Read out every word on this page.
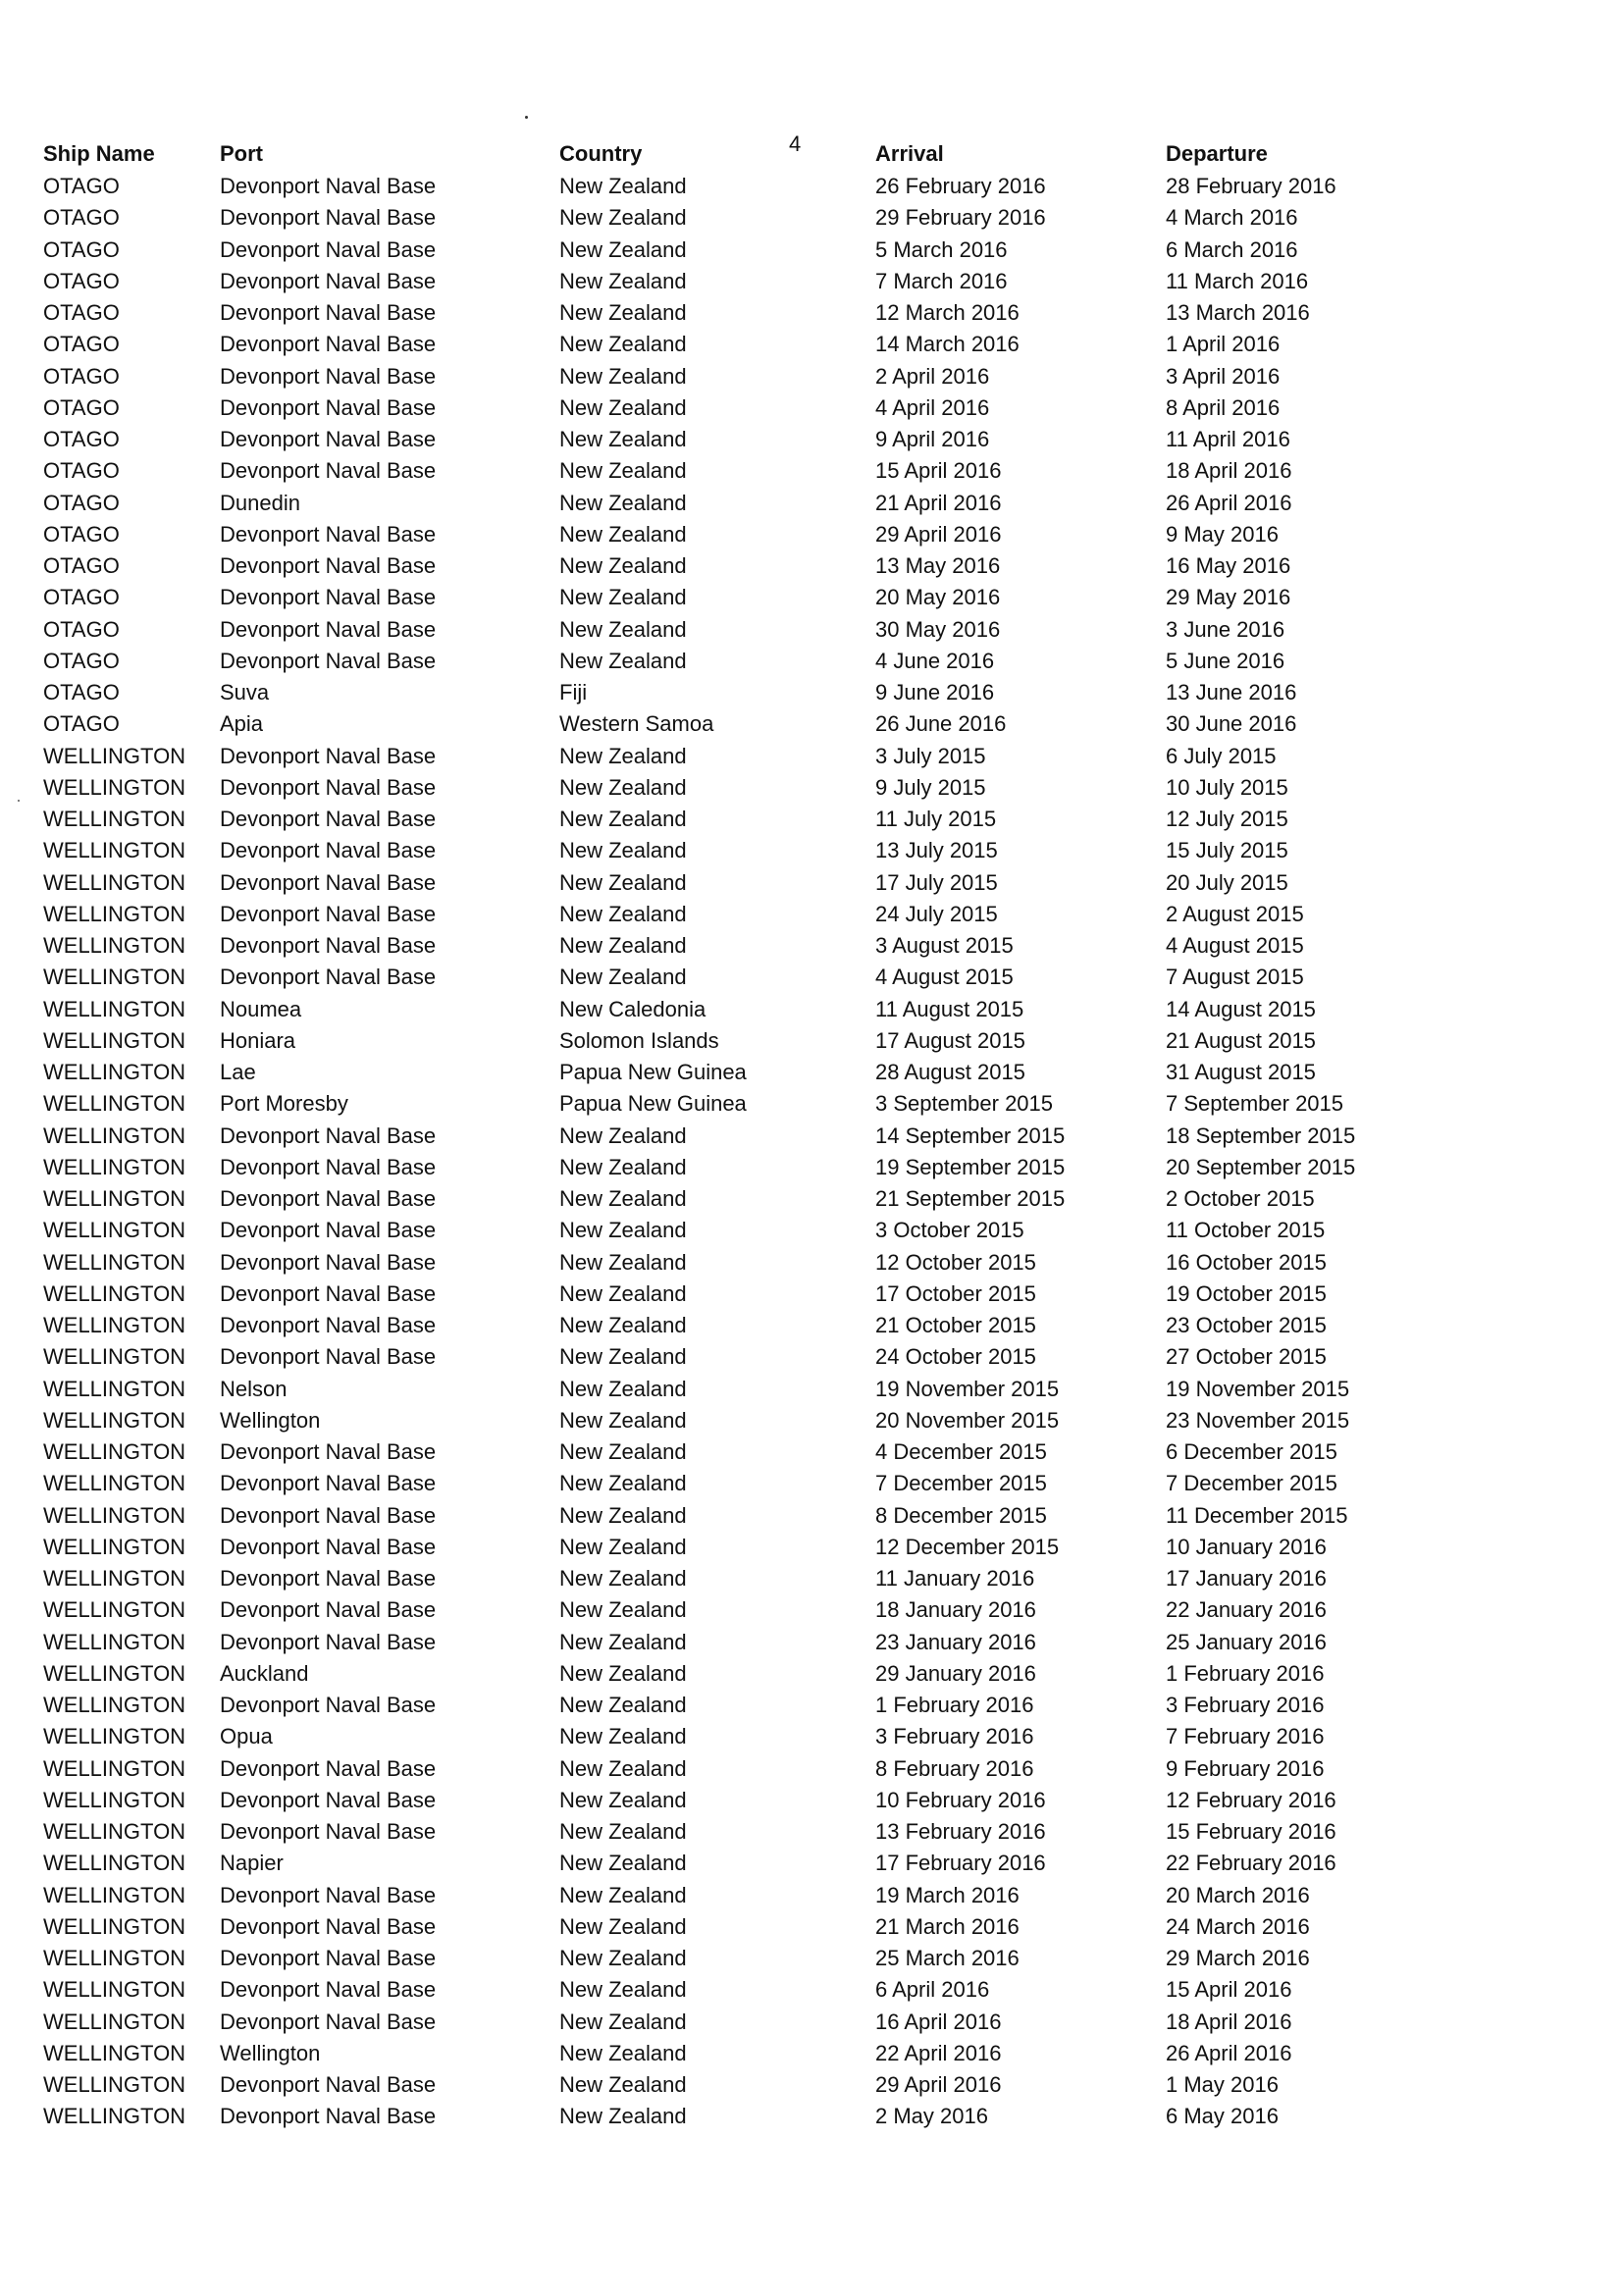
4
Ship Name	Port	Country	Arrival	Departure
OTAGO	Devonport Naval Base	New Zealand	26 February 2016	28 February 2016
OTAGO	Devonport Naval Base	New Zealand	29 February 2016	4 March 2016
OTAGO	Devonport Naval Base	New Zealand	5 March 2016	6 March 2016
OTAGO	Devonport Naval Base	New Zealand	7 March 2016	11 March 2016
OTAGO	Devonport Naval Base	New Zealand	12 March 2016	13 March 2016
OTAGO	Devonport Naval Base	New Zealand	14 March 2016	1 April 2016
OTAGO	Devonport Naval Base	New Zealand	2 April 2016	3 April 2016
OTAGO	Devonport Naval Base	New Zealand	4 April 2016	8 April 2016
OTAGO	Devonport Naval Base	New Zealand	9 April 2016	11 April 2016
OTAGO	Devonport Naval Base	New Zealand	15 April 2016	18 April 2016
OTAGO	Dunedin	New Zealand	21 April 2016	26 April 2016
OTAGO	Devonport Naval Base	New Zealand	29 April 2016	9 May 2016
OTAGO	Devonport Naval Base	New Zealand	13 May 2016	16 May 2016
OTAGO	Devonport Naval Base	New Zealand	20 May 2016	29 May 2016
OTAGO	Devonport Naval Base	New Zealand	30 May 2016	3 June 2016
OTAGO	Devonport Naval Base	New Zealand	4 June 2016	5 June 2016
OTAGO	Suva	Fiji	9 June 2016	13 June 2016
OTAGO	Apia	Western Samoa	26 June 2016	30 June 2016
WELLINGTON	Devonport Naval Base	New Zealand	3 July 2015	6 July 2015
WELLINGTON	Devonport Naval Base	New Zealand	9 July 2015	10 July 2015
WELLINGTON	Devonport Naval Base	New Zealand	11 July 2015	12 July 2015
WELLINGTON	Devonport Naval Base	New Zealand	13 July 2015	15 July 2015
WELLINGTON	Devonport Naval Base	New Zealand	17 July 2015	20 July 2015
WELLINGTON	Devonport Naval Base	New Zealand	24 July 2015	2 August 2015
WELLINGTON	Devonport Naval Base	New Zealand	3 August 2015	4 August 2015
WELLINGTON	Devonport Naval Base	New Zealand	4 August 2015	7 August 2015
WELLINGTON	Noumea	New Caledonia	11 August 2015	14 August 2015
WELLINGTON	Honiara	Solomon Islands	17 August 2015	21 August 2015
WELLINGTON	Lae	Papua New Guinea	28 August 2015	31 August 2015
WELLINGTON	Port Moresby	Papua New Guinea	3 September 2015	7 September 2015
WELLINGTON	Devonport Naval Base	New Zealand	14 September 2015	18 September 2015
WELLINGTON	Devonport Naval Base	New Zealand	19 September 2015	20 September 2015
WELLINGTON	Devonport Naval Base	New Zealand	21 September 2015	2 October 2015
WELLINGTON	Devonport Naval Base	New Zealand	3 October 2015	11 October 2015
WELLINGTON	Devonport Naval Base	New Zealand	12 October 2015	16 October 2015
WELLINGTON	Devonport Naval Base	New Zealand	17 October 2015	19 October 2015
WELLINGTON	Devonport Naval Base	New Zealand	21 October 2015	23 October 2015
WELLINGTON	Devonport Naval Base	New Zealand	24 October 2015	27 October 2015
WELLINGTON	Nelson	New Zealand	19 November 2015	19 November 2015
WELLINGTON	Wellington	New Zealand	20 November 2015	23 November 2015
WELLINGTON	Devonport Naval Base	New Zealand	4 December 2015	6 December 2015
WELLINGTON	Devonport Naval Base	New Zealand	7 December 2015	7 December 2015
WELLINGTON	Devonport Naval Base	New Zealand	8 December 2015	11 December 2015
WELLINGTON	Devonport Naval Base	New Zealand	12 December 2015	10 January 2016
WELLINGTON	Devonport Naval Base	New Zealand	11 January 2016	17 January 2016
WELLINGTON	Devonport Naval Base	New Zealand	18 January 2016	22 January 2016
WELLINGTON	Devonport Naval Base	New Zealand	23 January 2016	25 January 2016
WELLINGTON	Auckland	New Zealand	29 January 2016	1 February 2016
WELLINGTON	Devonport Naval Base	New Zealand	1 February 2016	3 February 2016
WELLINGTON	Opua	New Zealand	3 February 2016	7 February 2016
WELLINGTON	Devonport Naval Base	New Zealand	8 February 2016	9 February 2016
WELLINGTON	Devonport Naval Base	New Zealand	10 February 2016	12 February 2016
WELLINGTON	Devonport Naval Base	New Zealand	13 February 2016	15 February 2016
WELLINGTON	Napier	New Zealand	17 February 2016	22 February 2016
WELLINGTON	Devonport Naval Base	New Zealand	19 March 2016	20 March 2016
WELLINGTON	Devonport Naval Base	New Zealand	21 March 2016	24 March 2016
WELLINGTON	Devonport Naval Base	New Zealand	25 March 2016	29 March 2016
WELLINGTON	Devonport Naval Base	New Zealand	6 April 2016	15 April 2016
WELLINGTON	Devonport Naval Base	New Zealand	16 April 2016	18 April 2016
WELLINGTON	Wellington	New Zealand	22 April 2016	26 April 2016
WELLINGTON	Devonport Naval Base	New Zealand	29 April 2016	1 May 2016
WELLINGTON	Devonport Naval Base	New Zealand	2 May 2016	6 May 2016
